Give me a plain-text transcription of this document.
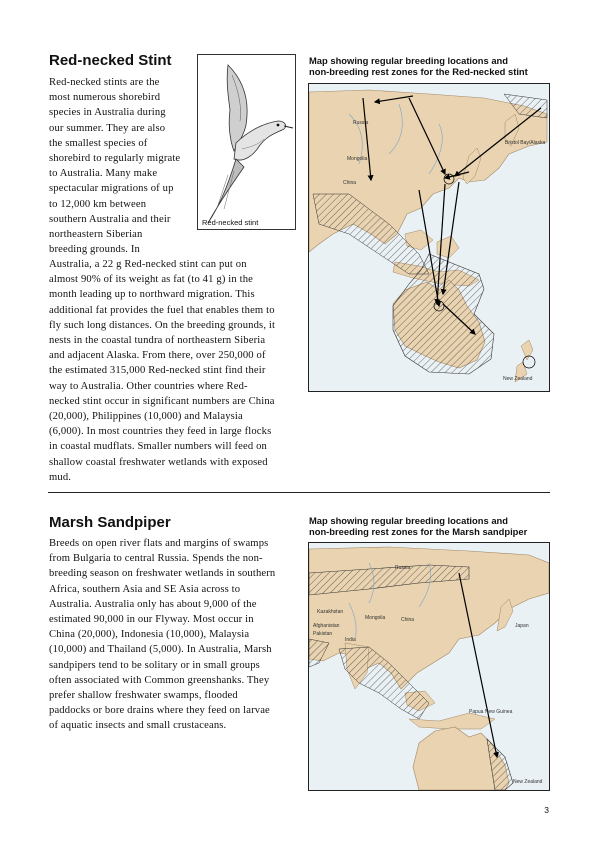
Red-necked Stint
Red-necked stints are the
most numerous shorebird
species in Australia during
our summer. They are also
the smallest species of
shorebird to regularly migrate
to Australia. Many make
spectacular migrations of up
to 12,000 km between
southern Australia and their
northeastern Siberian
breeding grounds. In
Australia, a 22 g Red-necked stint can put on
almost 90% of its weight as fat (to 41 g) in the
month leading up to northward migration. This
additional fat provides the fuel that enables them to
fly such long distances. On the breeding grounds, it
nests in the coastal tundra of northeastern Siberia
and adjacent Alaska. From there, over 250,000 of
the estimated 315,000 Red-necked stint find their
way to Australia. Other countries where Red-
necked stint occur in significant numbers are China
(20,000), Philippines (10,000) and Malaysia
(6,000). In most countries they feed in large flocks
in coastal mudflats. Smaller numbers will feed on
shallow coastal freshwater wetlands with exposed
mud.
Red-necked stint
Map showing regular breeding locations and
non-breeding rest zones for the Red-necked stint
Russia
Mongolia
China
Bristol Bay/Alaska
New Zealand
Marsh Sandpiper
Breeds on open river flats and margins of swamps
from Bulgaria to central Russia. Spends the non-
breeding season on freshwater wetlands in southern
Africa, southern Asia and SE Asia across to
Australia. Australia only has about 9,000 of the
estimated 90,000 in our Flyway. Most occur in
China (20,000), Indonesia (10,000), Malaysia
(10,000) and Thailand (5,000). In Australia, Marsh
sandpipers tend to be solitary or in small groups
often associated with Common greenshanks. They
prefer shallow freshwater swamps, flooded
paddocks or bore drains where they feed on larvae
of aquatic insects and small crustaceans.
Map showing regular breeding locations and
non-breeding rest zones for the Marsh sandpiper
Russia
Kazakhstan
Mongolia
Afghanistan
China
Pakistan
India
Japan
Papua New Guinea
New Zealand
3
